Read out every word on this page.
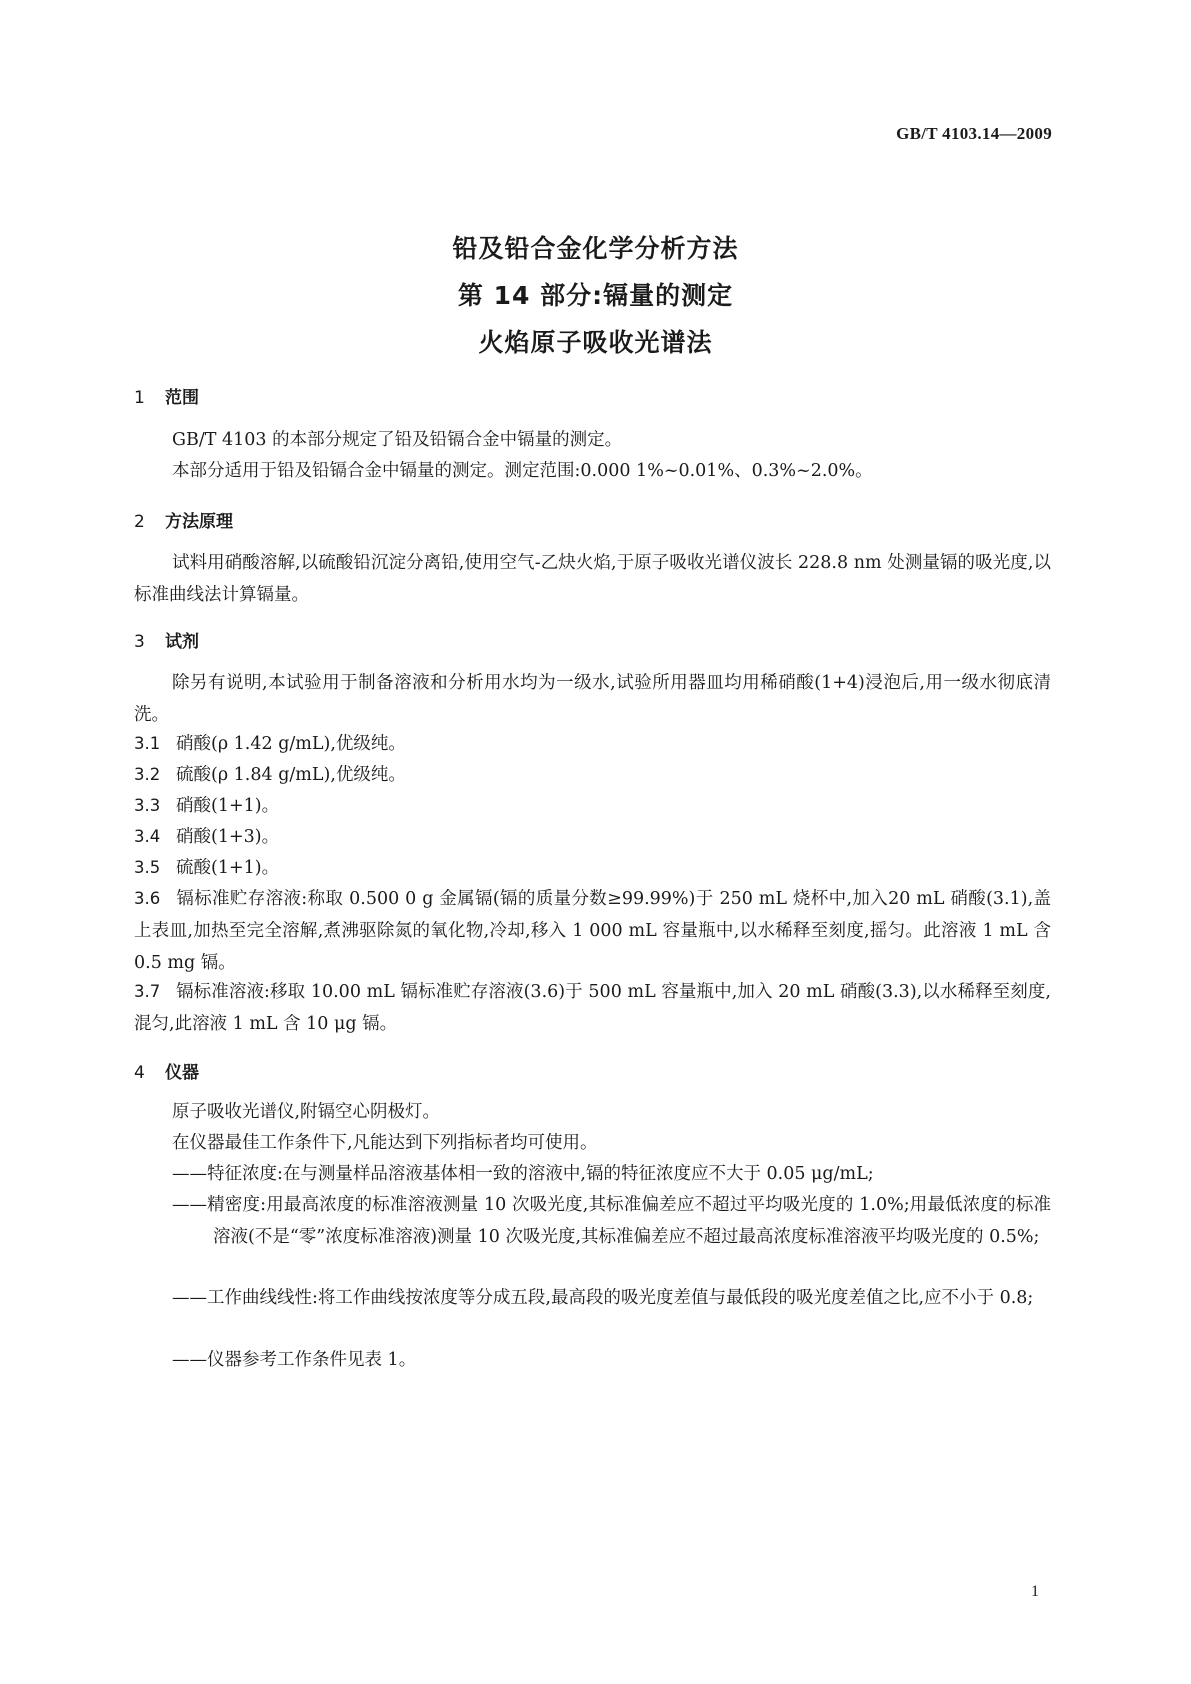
GB/T 4103.14—2009
铅及铅合金化学分析方法
第 14 部分:镉量的测定
火焰原子吸收光谱法
1 范围
GB/T 4103 的本部分规定了铅及铅镉合金中镉量的测定。
本部分适用于铅及铅镉合金中镉量的测定。测定范围:0.000 1%~0.01%、0.3%~2.0%。
2 方法原理
试料用硝酸溶解,以硫酸铅沉淀分离铅,使用空气-乙炔火焰,于原子吸收光谱仪波长 228.8 nm 处测量镉的吸光度,以标准曲线法计算镉量。
3 试剂
除另有说明,本试验用于制备溶液和分析用水均为一级水,试验所用器皿均用稀硝酸(1+4)浸泡后,用一级水彻底清洗。
3.1 硝酸(ρ 1.42 g/mL),优级纯。
3.2 硫酸(ρ 1.84 g/mL),优级纯。
3.3 硝酸(1+1)。
3.4 硝酸(1+3)。
3.5 硫酸(1+1)。
3.6 镉标准贮存溶液:称取 0.500 0 g 金属镉(镉的质量分数≥99.99%)于 250 mL 烧杯中,加入20 mL 硝酸(3.1),盖上表皿,加热至完全溶解,煮沸驱除氮的氧化物,冷却,移入 1 000 mL 容量瓶中,以水稀释至刻度,摇匀。此溶液 1 mL 含 0.5 mg 镉。
3.7 镉标准溶液:移取 10.00 mL 镉标准贮存溶液(3.6)于 500 mL 容量瓶中,加入 20 mL 硝酸(3.3),以水稀释至刻度,混匀,此溶液 1 mL 含 10 μg 镉。
4 仪器
原子吸收光谱仪,附镉空心阴极灯。
在仪器最佳工作条件下,凡能达到下列指标者均可使用。
——特征浓度:在与测量样品溶液基体相一致的溶液中,镉的特征浓度应不大于 0.05 μg/mL;
——精密度:用最高浓度的标准溶液测量 10 次吸光度,其标准偏差应不超过平均吸光度的 1.0%;用最低浓度的标准溶液(不是“零”浓度标准溶液)测量 10 次吸光度,其标准偏差应不超过最高浓度标准溶液平均吸光度的 0.5%;
——工作曲线线性:将工作曲线按浓度等分成五段,最高段的吸光度差值与最低段的吸光度差值之比,应不小于 0.8;
——仪器参考工作条件见表 1。
1
